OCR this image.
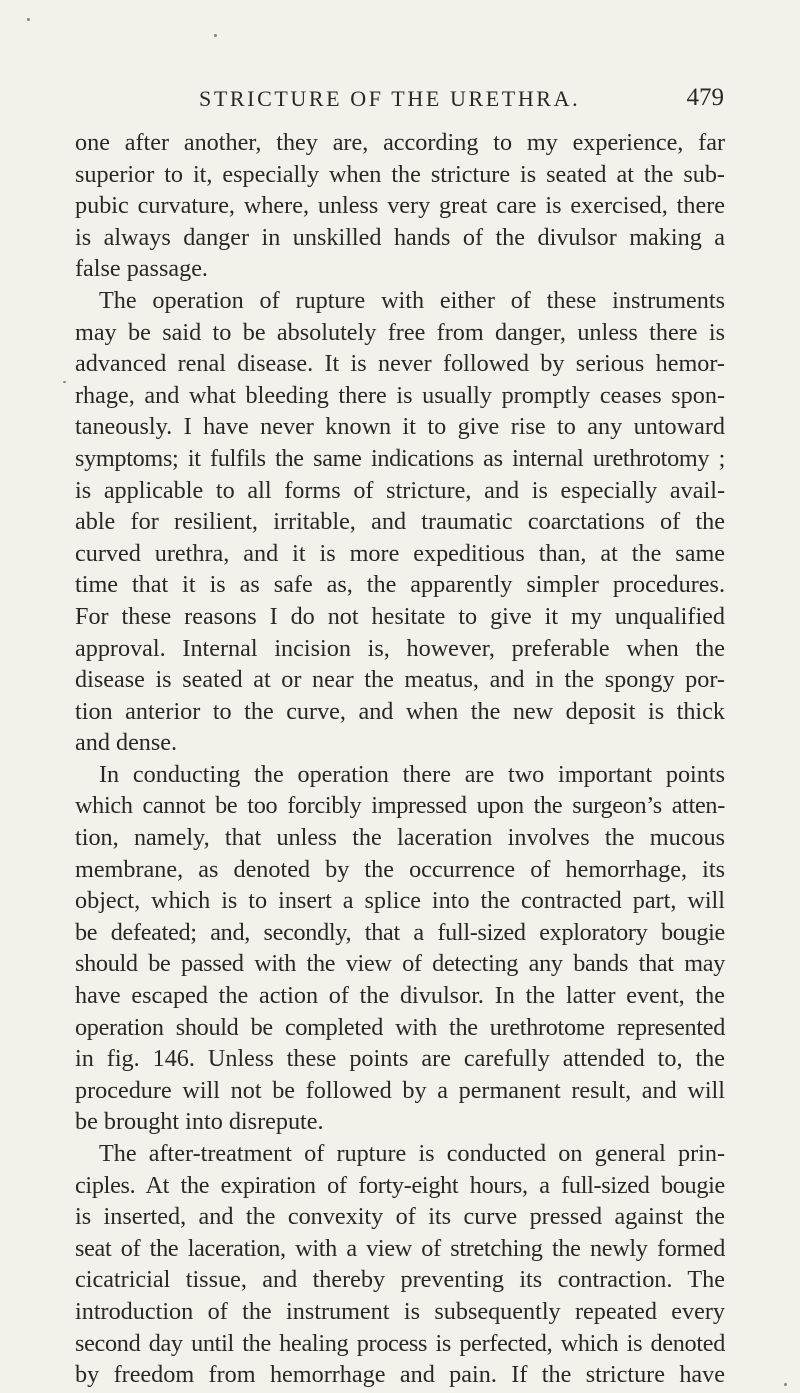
STRICTURE OF THE URETHRA.	479
one after another, they are, according to my experience, far
superior to it, especially when the stricture is seated at the sub-
pubic curvature, where, unless very great care is exercised, there
is always danger in unskilled hands of the divulsor making a
false passage.
The operation of rupture with either of these instruments
may be said to be absolutely free from danger, unless there is
advanced renal disease. It is never followed by serious hemor-
rhage, and what bleeding there is usually promptly ceases spon-
taneously. I have never known it to give rise to any untoward
symptoms; it fulfils the same indications as internal urethrotomy ;
is applicable to all forms of stricture, and is especially avail-
able for resilient, irritable, and traumatic coarctations of the
curved urethra, and it is more expeditious than, at the same
time that it is as safe as, the apparently simpler procedures.
For these reasons I do not hesitate to give it my unqualified
approval. Internal incision is, however, preferable when the
disease is seated at or near the meatus, and in the spongy por-
tion anterior to the curve, and when the new deposit is thick
and dense.
In conducting the operation there are two important points
which cannot be too forcibly impressed upon the surgeon’s atten-
tion, namely, that unless the laceration involves the mucous
membrane, as denoted by the occurrence of hemorrhage, its
object, which is to insert a splice into the contracted part, will
be defeated; and, secondly, that a full-sized exploratory bougie
should be passed with the view of detecting any bands that may
have escaped the action of the divulsor. In the latter event, the
operation should be completed with the urethrotome represented
in fig. 146. Unless these points are carefully attended to, the
procedure will not be followed by a permanent result, and will
be brought into disrepute.
The after-treatment of rupture is conducted on general prin-
ciples. At the expiration of forty-eight hours, a full-sized bougie
is inserted, and the convexity of its curve pressed against the
seat of the laceration, with a view of stretching the newly formed
cicatricial tissue, and thereby preventing its contraction. The
introduction of the instrument is subsequently repeated every
second day until the healing process is perfected, which is denoted
by freedom from hemorrhage and pain. If the stricture have
